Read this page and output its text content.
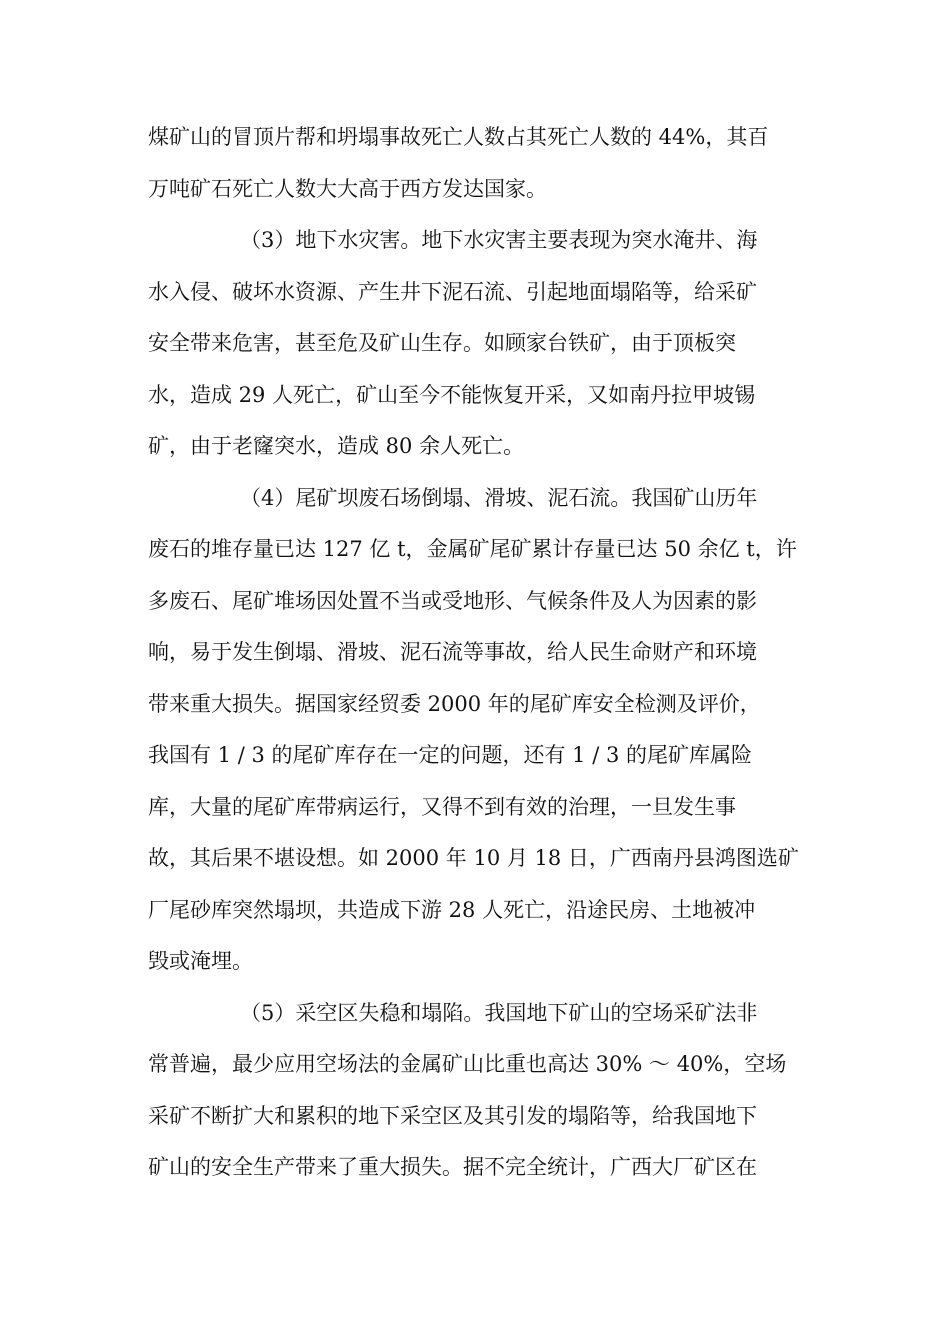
煤矿山的冒顶片帮和坍塌事故死亡人数占其死亡人数的 44%，其百
万吨矿石死亡人数大大高于西方发达国家。
（3）地下水灾害。地下水灾害主要表现为突水淹井、海
水入侵、破坏水资源、产生井下泥石流、引起地面塌陷等，给采矿
安全带来危害，甚至危及矿山生存。如顾家台铁矿，由于顶板突
水，造成 29 人死亡，矿山至今不能恢复开采，又如南丹拉甲坡锡
矿，由于老窿突水，造成 80 余人死亡。
（4）尾矿坝废石场倒塌、滑坡、泥石流。我国矿山历年
废石的堆存量已达 127 亿 t，金属矿尾矿累计存量已达 50 余亿 t，许
多废石、尾矿堆场因处置不当或受地形、气候条件及人为因素的影
响，易于发生倒塌、滑坡、泥石流等事故，给人民生命财产和环境
带来重大损失。据国家经贸委 2000 年的尾矿库安全检测及评价，
我国有 1 / 3 的尾矿库存在一定的问题，还有 1 / 3 的尾矿库属险
库，大量的尾矿库带病运行，又得不到有效的治理，一旦发生事
故，其后果不堪设想。如 2000 年 10 月 18 日，广西南丹县鸿图选矿
厂尾砂库突然塌坝，共造成下游 28 人死亡，沿途民房、土地被冲
毁或淹埋。
（5）采空区失稳和塌陷。我国地下矿山的空场采矿法非
常普遍，最少应用空场法的金属矿山比重也高达 30% ～ 40%，空场
采矿不断扩大和累积的地下采空区及其引发的塌陷等，给我国地下
矿山的安全生产带来了重大损失。据不完全统计，广西大厂矿区在
